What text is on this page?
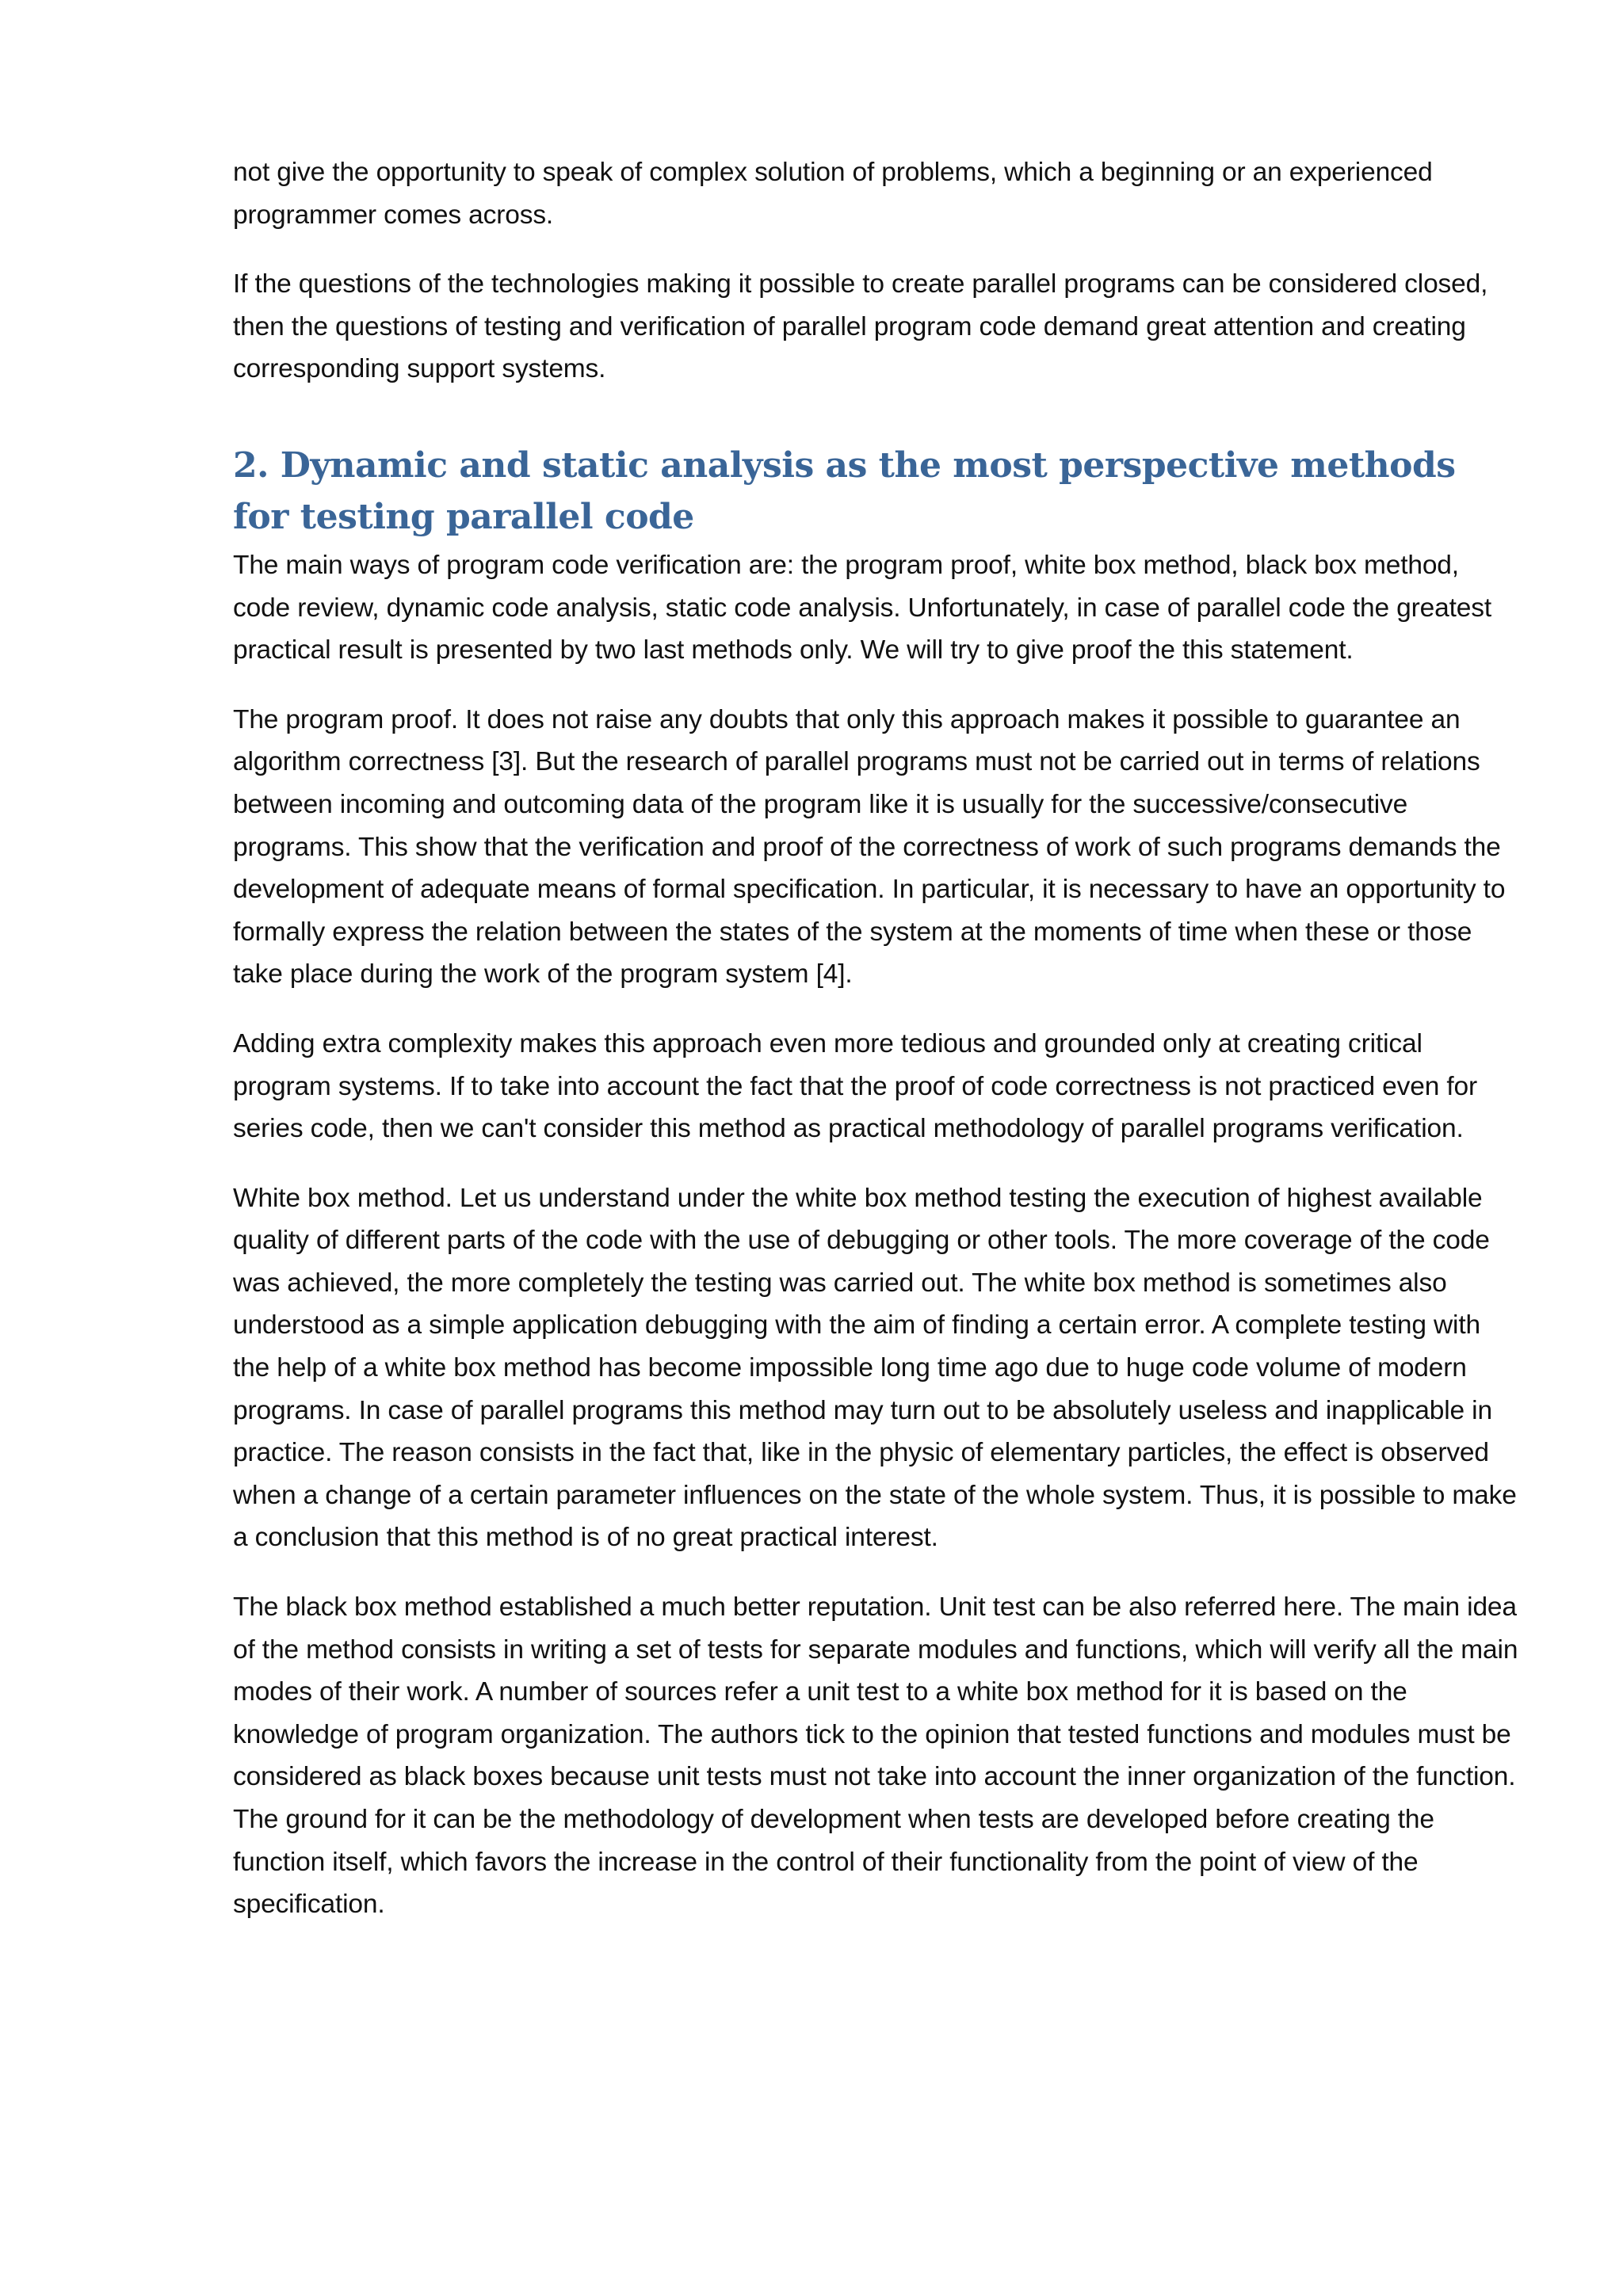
not give the opportunity to speak of complex solution of problems, which a beginning or an experienced programmer comes across.

If the questions of the technologies making it possible to create parallel programs can be considered closed, then the questions of testing and verification of parallel program code demand great attention and creating corresponding support systems.

2. Dynamic and static analysis as the most perspective methods for testing parallel code

The main ways of program code verification are: the program proof, white box method, black box method, code review, dynamic code analysis, static code analysis. Unfortunately, in case of parallel code the greatest practical result is presented by two last methods only. We will try to give proof the this statement.

The program proof. It does not raise any doubts that only this approach makes it possible to guarantee an algorithm correctness [3]. But the research of parallel programs must not be carried out in terms of relations between incoming and outcoming data of the program like it is usually for the successive/consecutive programs. This show that the verification and proof of the correctness of work of such programs demands the development of adequate means of formal specification. In particular, it is necessary to have an opportunity to formally express the relation between the states of the system at the moments of time when these or those take place during the work of the program system [4].

Adding extra complexity makes this approach even more tedious and grounded only at creating critical program systems. If to take into account the fact that the proof of code correctness is not practiced even for series code, then we can't consider this method as practical methodology of parallel programs verification.

White box method. Let us understand under the white box method testing the execution of highest available quality of different parts of the code with the use of debugging or other tools. The more coverage of the code was achieved, the more completely the testing was carried out. The white box method is sometimes also understood as a simple application debugging with the aim of finding a certain error. A complete testing with the help of a white box method has become impossible long time ago due to huge code volume of modern programs. In case of parallel programs this method may turn out to be absolutely useless and inapplicable in practice. The reason consists in the fact that, like in the physic of elementary particles, the effect is observed when a change of a certain parameter influences on the state of the whole system. Thus, it is possible to make a conclusion that this method is of no great practical interest.

The black box method established a much better reputation. Unit test can be also referred here. The main idea of the method consists in writing a set of tests for separate modules and functions, which will verify all the main modes of their work. A number of sources refer a unit test to a white box method for it is based on the knowledge of program organization. The authors tick to the opinion that tested functions and modules must be considered as black boxes because unit tests must not take into account the inner organization of the function. The ground for it can be the methodology of development when tests are developed before creating the function itself, which favors the increase in the control of their functionality from the point of view of the specification.
